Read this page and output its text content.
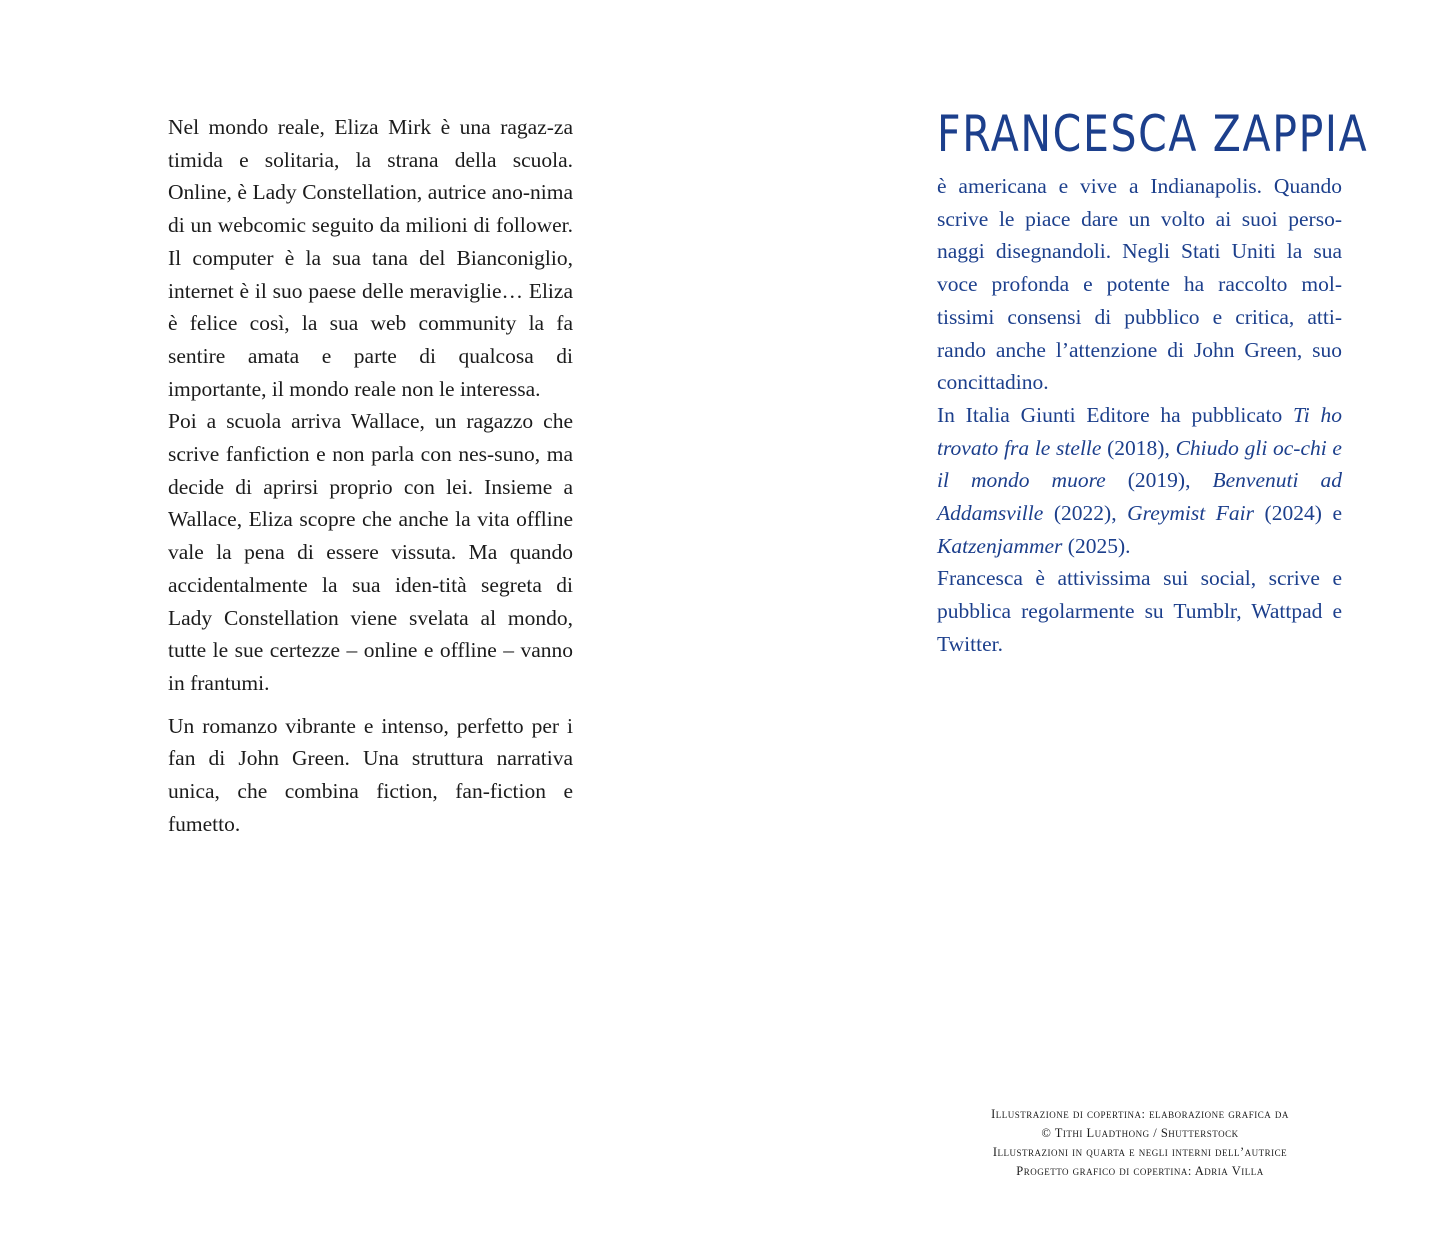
Nel mondo reale, Eliza Mirk è una ragaz-za timida e solitaria, la strana della scuola. Online, è Lady Constellation, autrice ano-nima di un webcomic seguito da milioni di follower. Il computer è la sua tana del Bianconiglio, internet è il suo paese delle meraviglie… Eliza è felice così, la sua web community la fa sentire amata e parte di qualcosa di importante, il mondo reale non le interessa.

Poi a scuola arriva Wallace, un ragazzo che scrive fanfiction e non parla con nes-suno, ma decide di aprirsi proprio con lei. Insieme a Wallace, Eliza scopre che anche la vita offline vale la pena di essere vissuta. Ma quando accidentalmente la sua iden-tità segreta di Lady Constellation viene svelata al mondo, tutte le sue certezze – online e offline – vanno in frantumi.

Un romanzo vibrante e intenso, perfetto per i fan di John Green. Una struttura narrativa unica, che combina fiction, fan-fiction e fumetto.

FRANCESCA ZAPPIA

è americana e vive a Indianapolis. Quando scrive le piace dare un volto ai suoi perso-naggi disegnandoli. Negli Stati Uniti la sua voce profonda e potente ha raccolto mol-tissimi consensi di pubblico e critica, atti-rando anche l’attenzione di John Green, suo concittadino.

In Italia Giunti Editore ha pubblicato Ti ho trovato fra le stelle (2018), Chiudo gli oc-chi e il mondo muore (2019), Benvenuti ad Addamsville (2022), Greymist Fair (2024) e Katzenjammer (2025).

Francesca è attivissima sui social, scrive e pubblica regolarmente su Tumblr, Wattpad e Twitter.

Illustrazione di copertina: elaborazione grafica da
© Tithi Luadthong / Shutterstock
Illustrazioni in quarta e negli interni dell’autrice
Progetto grafico di copertina: Adria Villa
